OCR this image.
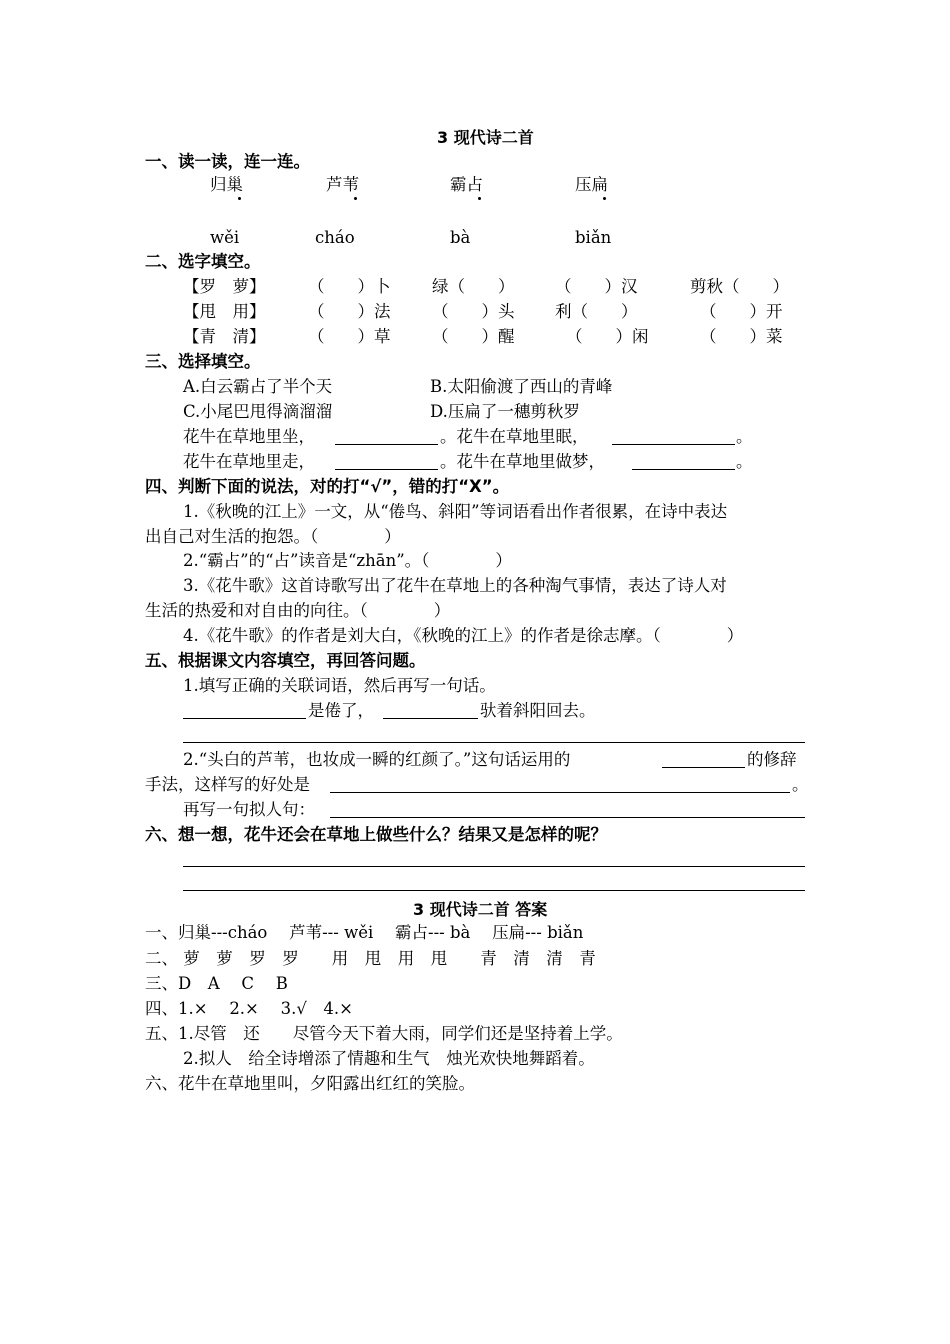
3 现代诗二首
一、读一读，连一连。
归巢	芦苇	霸占	压扁
wěi	cháo	bà	biǎn
二、选字填空。
【罗　萝】	（　　）卜	绿（　　） （　　）汉	剪秋（　　）
【甩　用】	（　　）法	（　　）头 利（　　）	（　　）开
【青　清】	（　　）草	（　　）醒	（　　）闲	（　　）菜
三、选择填空。
A.白云霸占了半个天	B.太阳偷渡了西山的青峰
C.小尾巴甩得滴溜溜	D.压扁了一穗剪秋罗
花牛在草地里坐，	。花牛在草地里眠，	。
花牛在草地里走，	。花牛在草地里做梦，	。
四、判断下面的说法，对的打“√”，错的打“X”。
1.《秋晚的江上》一文，从“倦鸟、斜阳”等词语看出作者很累，在诗中表达
出自己对生活的抱怨。（　　　　）
2.“霸占”的“占”读音是“zhān”。（　　　　）
3.《花牛歌》这首诗歌写出了花牛在草地上的各种淘气事情，表达了诗人对
生活的热爱和对自由的向往。（　　　　）
4.《花牛歌》的作者是刘大白，《秋晚的江上》的作者是徐志摩。（　　　　）
五、根据课文内容填空，再回答问题。
1.填写正确的关联词语，然后再写一句话。
是倦了，	驮着斜阳回去。
2.“头白的芦苇，也妆成一瞬的红颜了。”这句话运用的	的修辞
手法，这样写的好处是	。
再写一句拟人句：
六、想一想，花牛还会在草地上做些什么？结果又是怎样的呢？
3 现代诗二首 答案
一、归巢---cháo　 芦苇--- wěi　 霸占--- bà　 压扁--- biǎn
二、 萝　萝　罗　罗　　用　甩　用　甩　　青　清　清　青
三、D　A　 C　 B
四、1.×　 2.×　 3.√　4.×
五、1.尽管　还　　尽管今天下着大雨，同学们还是坚持着上学。
2.拟人　给全诗增添了情趣和生气　烛光欢快地舞蹈着。
六、花牛在草地里叫，夕阳露出红红的笑脸。
